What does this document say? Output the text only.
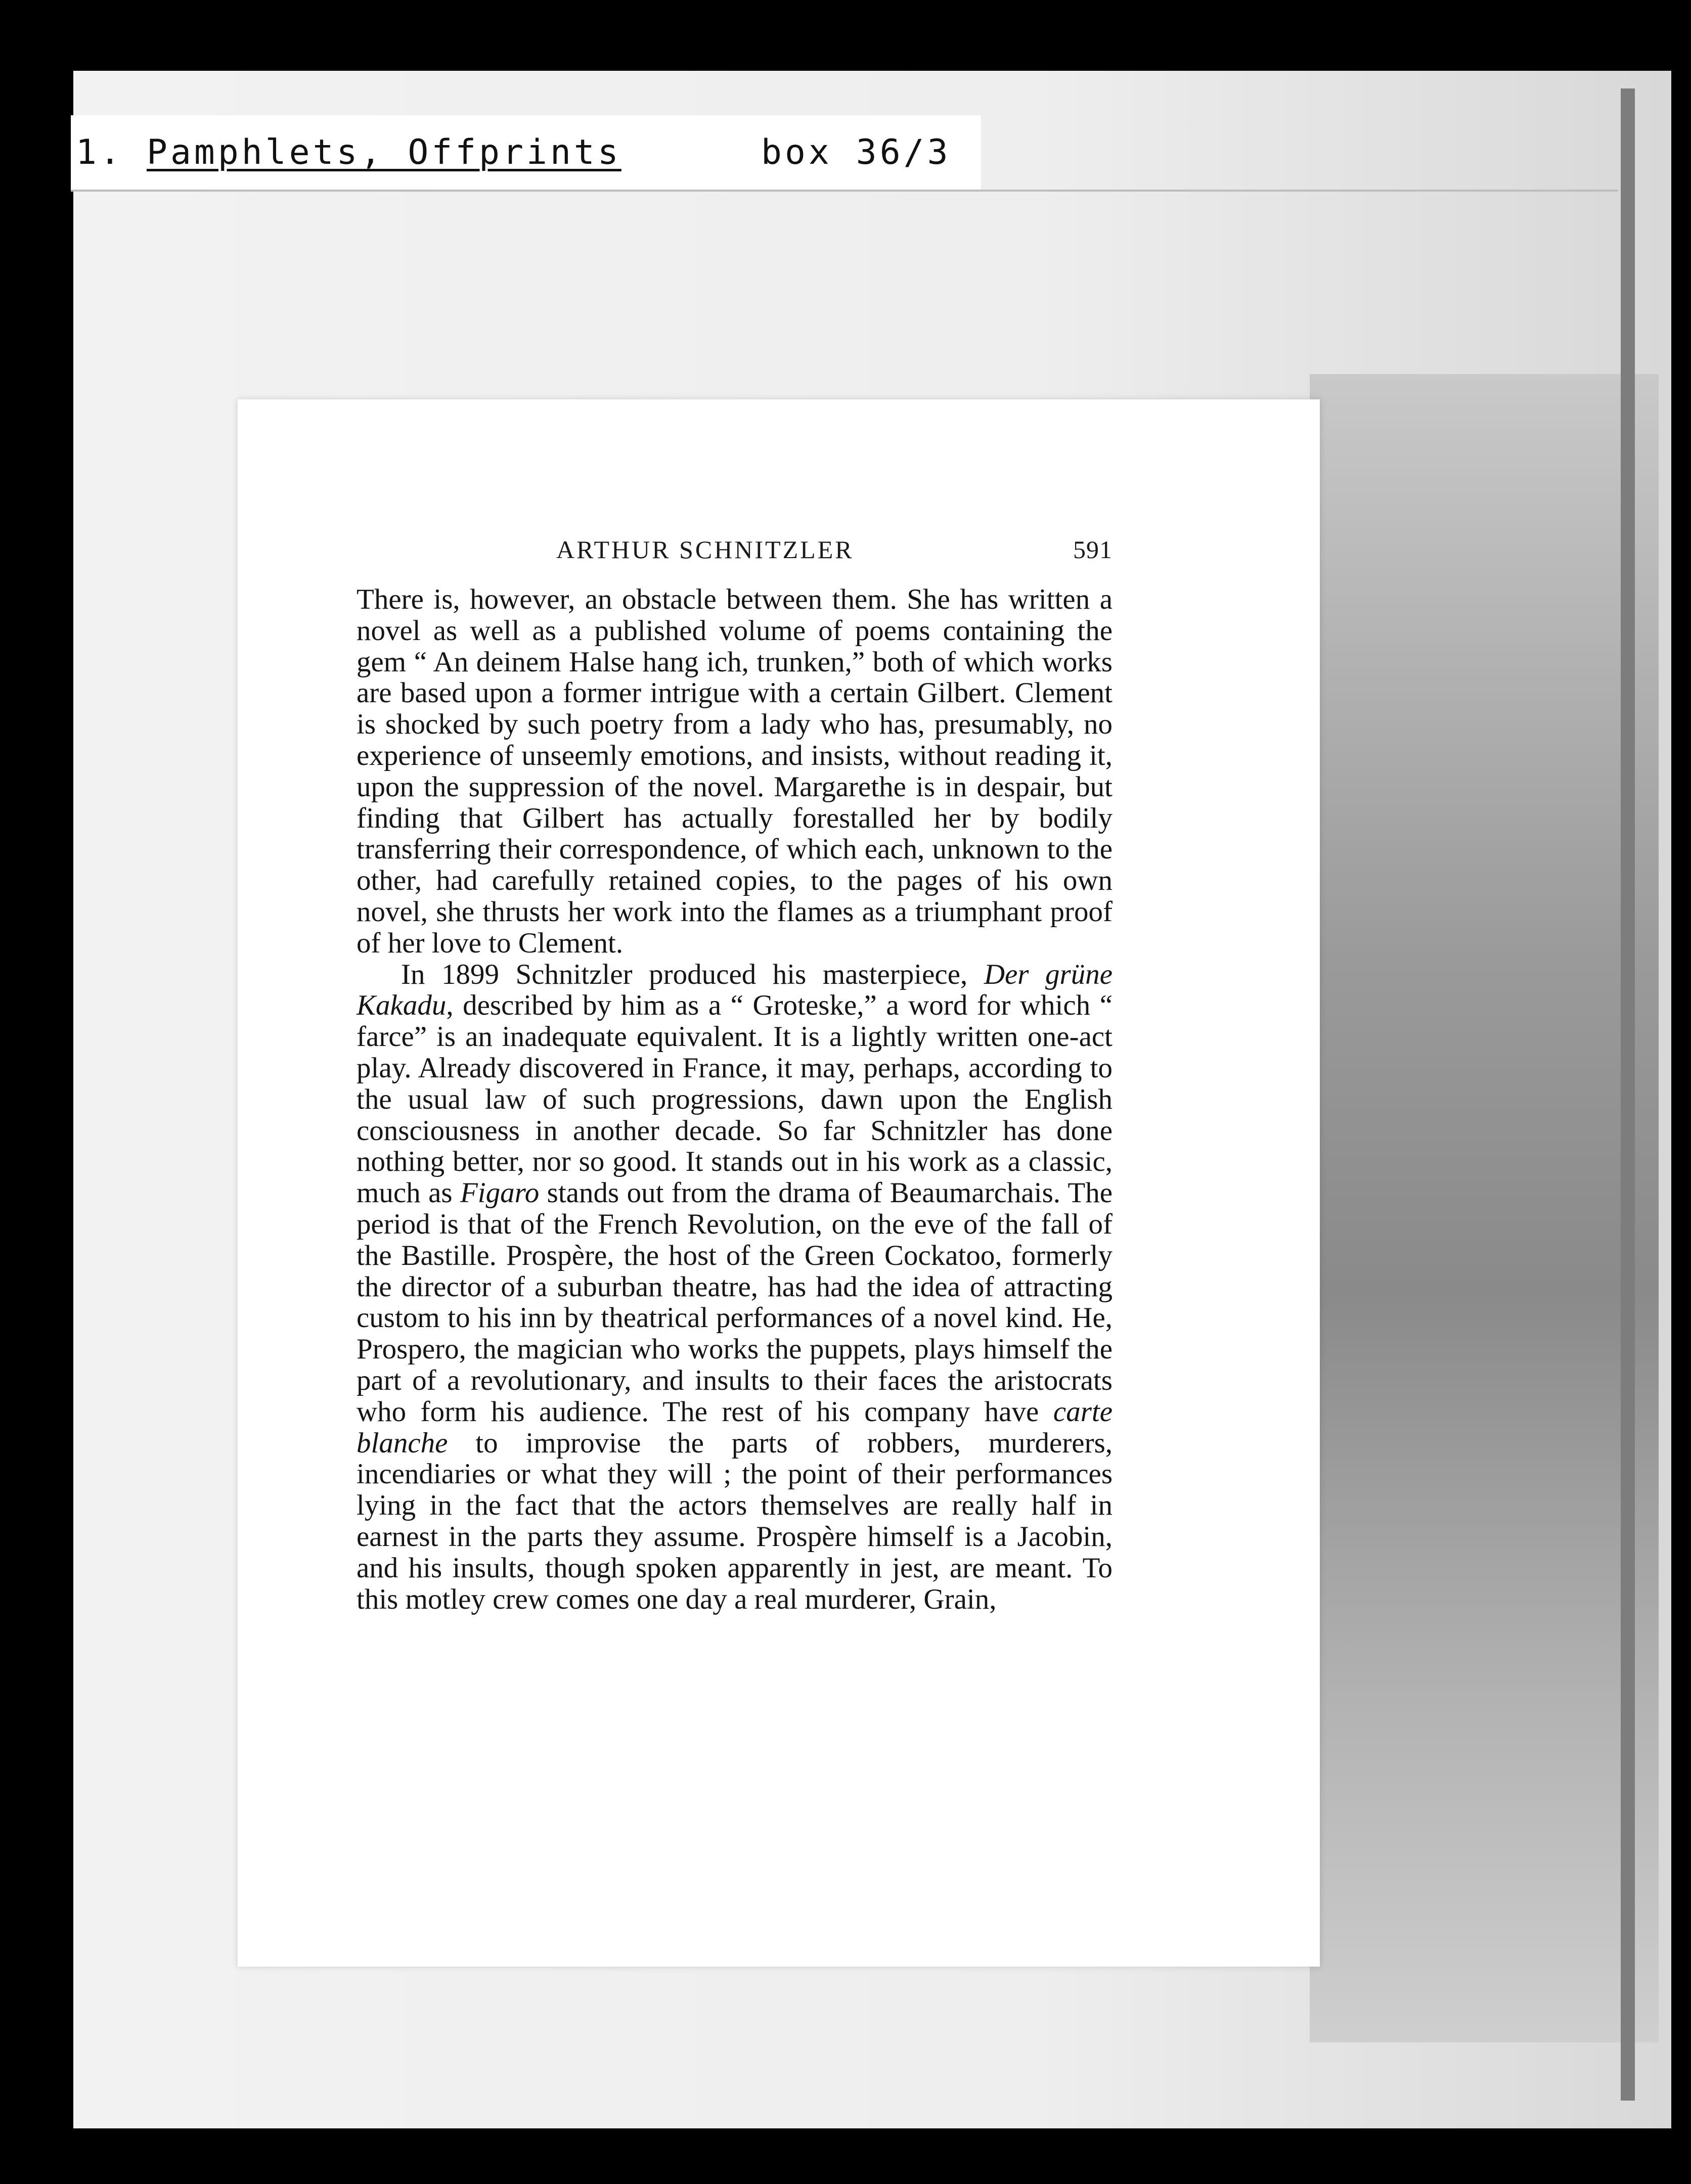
1. Pamphlets, Offprints	box 36/3
ARTHUR SCHNITZLER	591

There is, however, an obstacle between them. She has written a novel as well as a published volume of poems containing the gem “ An deinem Halse hang ich, trunken,” both of which works are based upon a former intrigue with a certain Gilbert. Clement is shocked by such poetry from a lady who has, presumably, no experience of unseemly emotions, and insists, without reading it, upon the suppression of the novel. Margarethe is in despair, but finding that Gilbert has actually forestalled her by bodily transferring their correspondence, of which each, unknown to the other, had carefully retained copies, to the pages of his own novel, she thrusts her work into the flames as a triumphant proof of her love to Clement.

In 1899 Schnitzler produced his masterpiece, Der grüne Kakadu, described by him as a “ Groteske,” a word for which “ farce” is an inadequate equivalent. It is a lightly written one-act play. Already discovered in France, it may, perhaps, according to the usual law of such progressions, dawn upon the English consciousness in another decade. So far Schnitzler has done nothing better, nor so good. It stands out in his work as a classic, much as Figaro stands out from the drama of Beaumarchais. The period is that of the French Revolution, on the eve of the fall of the Bastille. Prospère, the host of the Green Cockatoo, formerly the director of a suburban theatre, has had the idea of attracting custom to his inn by theatrical performances of a novel kind. He, Prospero, the magician who works the puppets, plays himself the part of a revolutionary, and insults to their faces the aristocrats who form his audience. The rest of his company have carte blanche to improvise the parts of robbers, murderers, incendiaries or what they will ; the point of their performances lying in the fact that the actors themselves are really half in earnest in the parts they assume. Prospère himself is a Jacobin, and his insults, though spoken apparently in jest, are meant. To this motley crew comes one day a real murderer, Grain,
